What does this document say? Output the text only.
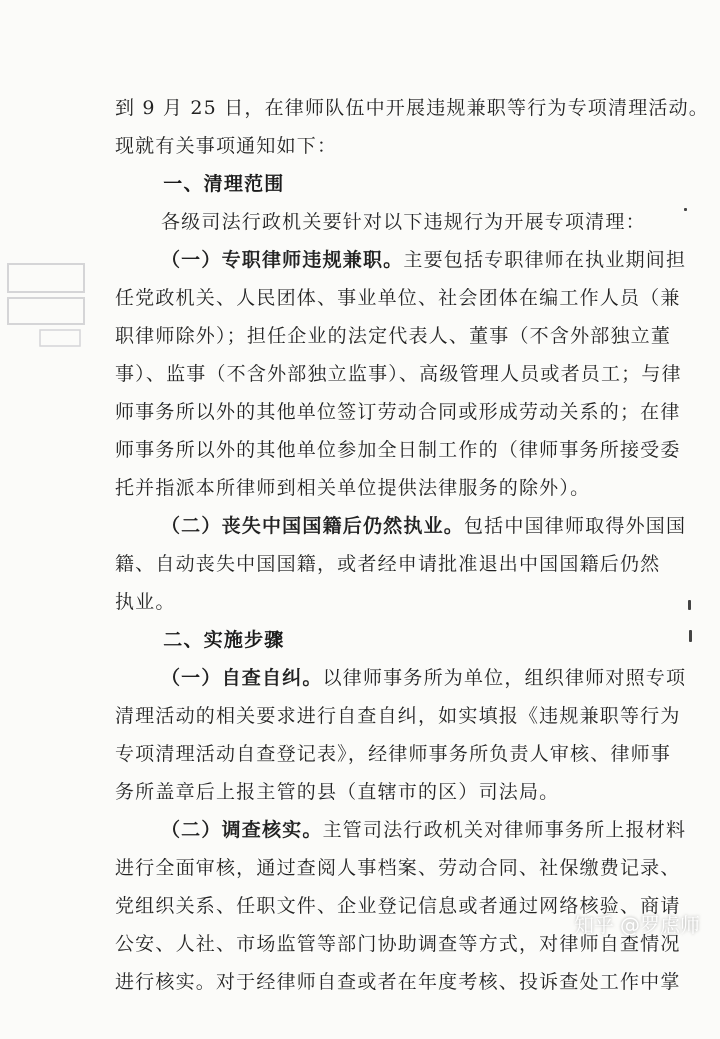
到 9 月 25 日，在律师队伍中开展违规兼职等行为专项清理活动。

现就有关事项通知如下：

一、清理范围

各级司法行政机关要针对以下违规行为开展专项清理：

（一）专职律师违规兼职。主要包括专职律师在执业期间担

任党政机关、人民团体、事业单位、社会团体在编工作人员（兼

职律师除外）；担任企业的法定代表人、董事（不含外部独立董

事）、监事（不含外部独立监事）、高级管理人员或者员工；与律

师事务所以外的其他单位签订劳动合同或形成劳动关系的；在律

师事务所以外的其他单位参加全日制工作的（律师事务所接受委

托并指派本所律师到相关单位提供法律服务的除外）。

（二）丧失中国国籍后仍然执业。包括中国律师取得外国国

籍、自动丧失中国国籍，或者经申请批准退出中国国籍后仍然

执业。

二、实施步骤

（一）自查自纠。以律师事务所为单位，组织律师对照专项

清理活动的相关要求进行自查自纠，如实填报《违规兼职等行为

专项清理活动自查登记表》，经律师事务所负责人审核、律师事

务所盖章后上报主管的县（直辖市的区）司法局。

（二）调查核实。主管司法行政机关对律师事务所上报材料

进行全面审核，通过查阅人事档案、劳动合同、社保缴费记录、

党组织关系、任职文件、企业登记信息或者通过网络核验、商请

公安、人社、市场监管等部门协助调查等方式，对律师自查情况

进行核实。对于经律师自查或者在年度考核、投诉查处工作中掌

知乎 @罗虑师
